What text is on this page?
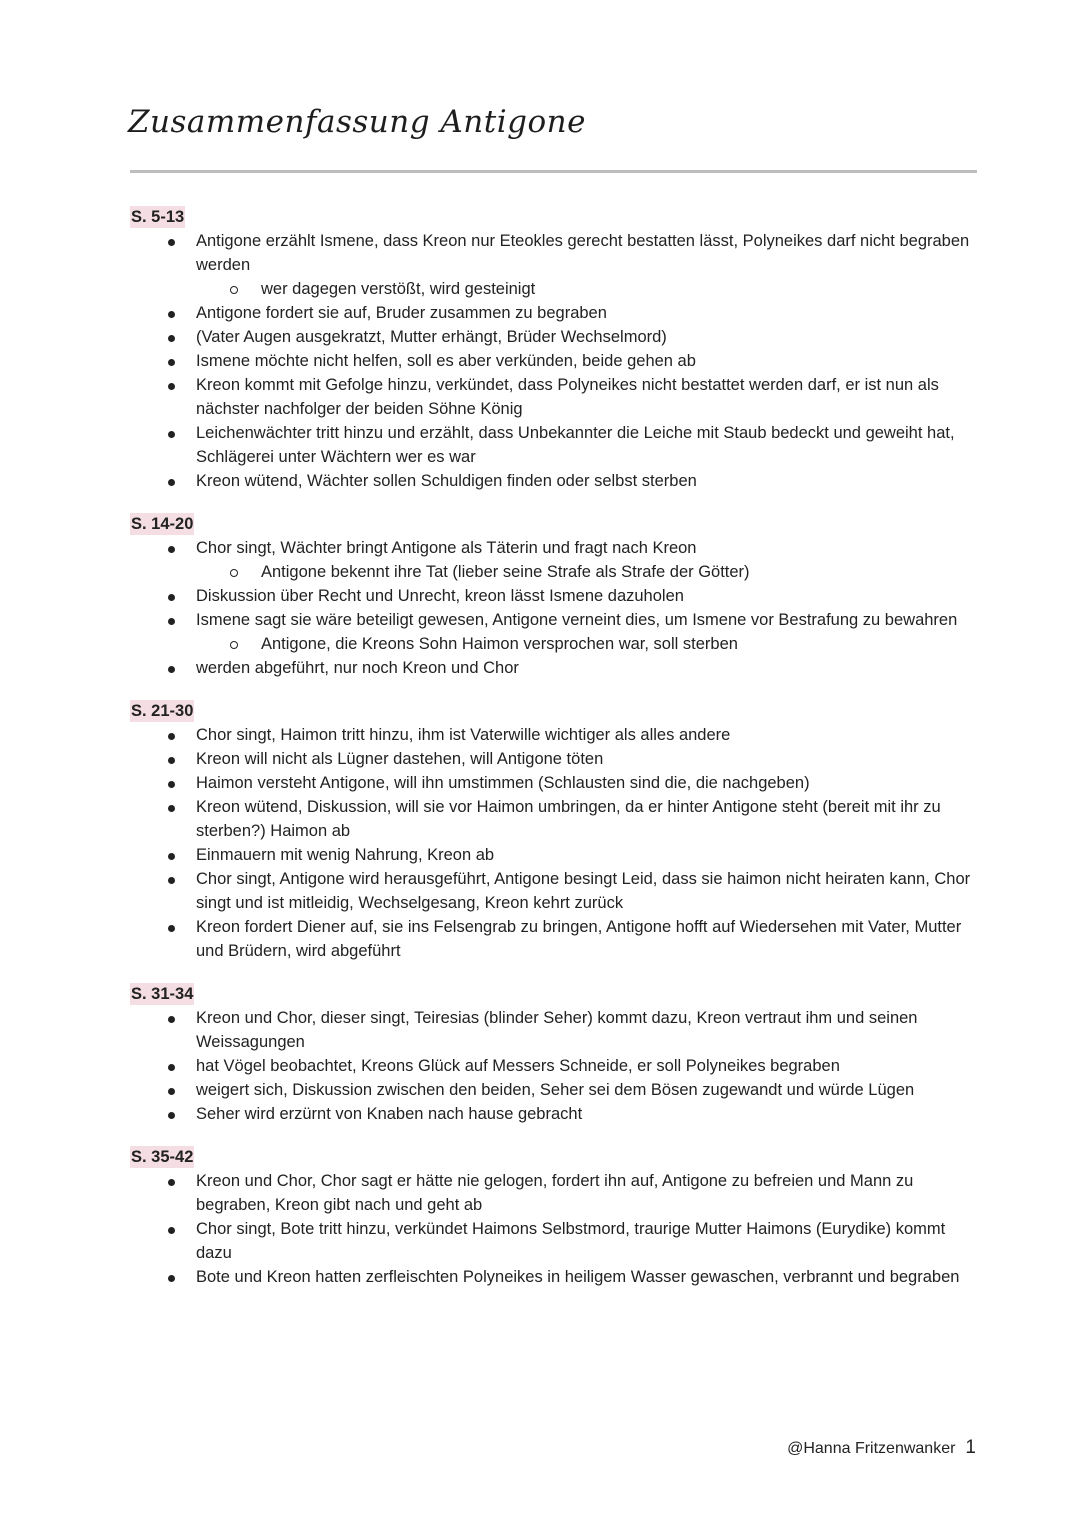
Zusammenfassung Antigone
S. 5-13
Antigone erzählt Ismene, dass Kreon nur Eteokles gerecht bestatten lässt, Polyneikes darf nicht begraben werden
wer dagegen verstößt, wird gesteinigt
Antigone fordert sie auf, Bruder zusammen zu begraben
(Vater Augen ausgekratzt, Mutter erhängt, Brüder Wechselmord)
Ismene möchte nicht helfen, soll es aber verkünden, beide gehen ab
Kreon kommt mit Gefolge hinzu, verkündet, dass Polyneikes nicht bestattet werden darf, er ist nun als nächster nachfolger der beiden Söhne König
Leichenwächter tritt hinzu und erzählt, dass Unbekannter die Leiche mit Staub bedeckt und geweiht hat, Schlägerei unter Wächtern wer es war
Kreon wütend, Wächter sollen Schuldigen finden oder selbst sterben
S. 14-20
Chor singt, Wächter bringt Antigone als Täterin und fragt nach Kreon
Antigone bekennt ihre Tat (lieber seine Strafe als Strafe der Götter)
Diskussion über Recht und Unrecht, kreon lässt Ismene dazuholen
Ismene sagt sie wäre beteiligt gewesen, Antigone verneint dies, um Ismene vor Bestrafung zu bewahren
Antigone, die Kreons Sohn Haimon versprochen war, soll sterben
werden abgeführt, nur noch Kreon und Chor
S. 21-30
Chor singt, Haimon tritt hinzu, ihm ist Vaterwille wichtiger als alles andere
Kreon will nicht als Lügner dastehen, will Antigone töten
Haimon versteht Antigone, will ihn umstimmen (Schlausten sind die, die nachgeben)
Kreon wütend, Diskussion, will sie vor Haimon umbringen, da er hinter Antigone steht (bereit mit ihr zu sterben?) Haimon ab
Einmauern mit wenig Nahrung, Kreon ab
Chor singt, Antigone wird herausgeführt, Antigone besingt Leid, dass sie haimon nicht heiraten kann, Chor singt und ist mitleidig, Wechselgesang, Kreon kehrt zurück
Kreon fordert Diener auf, sie ins Felsengrab zu bringen, Antigone hofft auf Wiedersehen mit Vater, Mutter und Brüdern, wird abgeführt
S. 31-34
Kreon und Chor, dieser singt, Teiresias (blinder Seher) kommt dazu, Kreon vertraut ihm und seinen Weissagungen
hat Vögel beobachtet, Kreons Glück auf Messers Schneide, er soll Polyneikes begraben
weigert sich, Diskussion zwischen den beiden, Seher sei dem Bösen zugewandt und würde Lügen
Seher wird erzürnt von Knaben nach hause gebracht
S. 35-42
Kreon und Chor, Chor sagt er hätte nie gelogen, fordert ihn auf, Antigone zu befreien und Mann zu begraben, Kreon gibt nach und geht ab
Chor singt, Bote tritt hinzu, verkündet Haimons Selbstmord, traurige Mutter Haimons (Eurydike) kommt dazu
Bote und Kreon hatten zerfleischten Polyneikes in heiligem Wasser gewaschen, verbrannt und begraben
@Hanna Fritzenwanker 1
